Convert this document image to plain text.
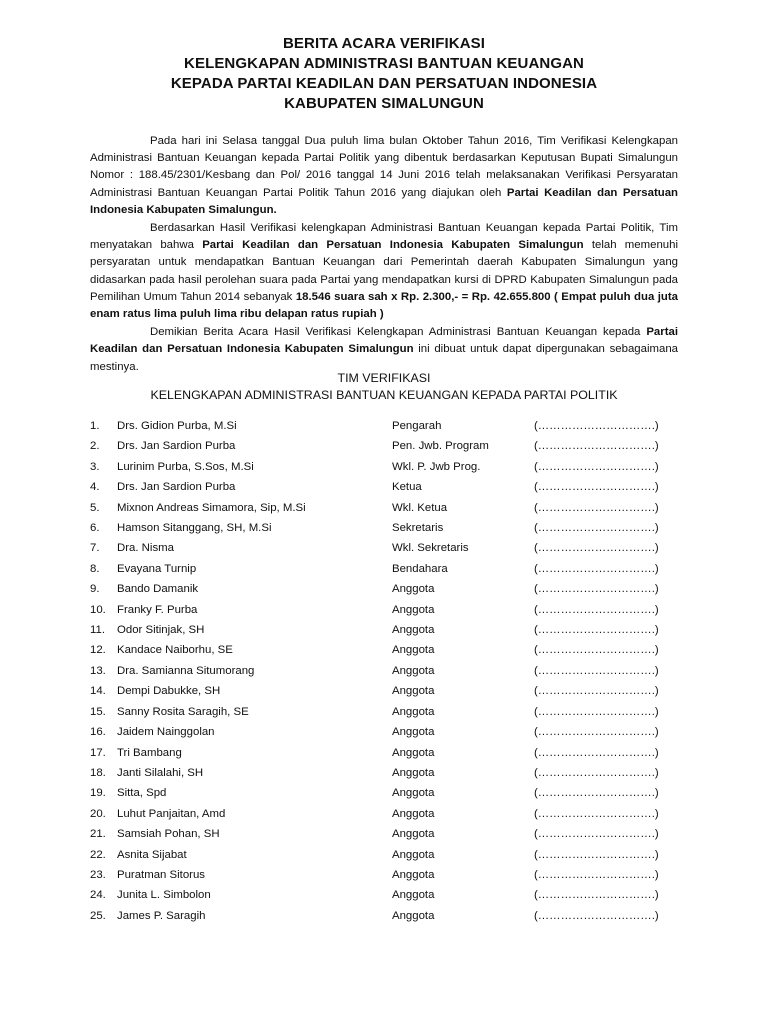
BERITA ACARA VERIFIKASI
KELENGKAPAN ADMINISTRASI BANTUAN KEUANGAN
KEPADA PARTAI KEADILAN DAN PERSATUAN INDONESIA
KABUPATEN SIMALUNGUN

Pada hari ini Selasa tanggal Dua puluh lima bulan Oktober Tahun 2016, Tim Verifikasi Kelengkapan Administrasi Bantuan Keuangan kepada Partai Politik yang dibentuk berdasarkan Keputusan Bupati Simalungun Nomor : 188.45/2301/Kesbang dan Pol/ 2016 tanggal 14 Juni 2016 telah melaksanakan Verifikasi Persyaratan Administrasi Bantuan Keuangan Partai Politik Tahun 2016 yang diajukan oleh Partai Keadilan dan Persatuan Indonesia Kabupaten Simalungun.

Berdasarkan Hasil Verifikasi kelengkapan Administrasi Bantuan Keuangan kepada Partai Politik, Tim menyatakan bahwa Partai Keadilan dan Persatuan Indonesia Kabupaten Simalungun telah memenuhi persyaratan untuk mendapatkan Bantuan Keuangan dari Pemerintah daerah Kabupaten Simalungun yang didasarkan pada hasil perolehan suara pada Partai yang mendapatkan kursi di DPRD Kabupaten Simalungun pada Pemilihan Umum Tahun 2014 sebanyak 18.546 suara sah x Rp. 2.300,- = Rp. 42.655.800 ( Empat puluh dua juta enam ratus lima puluh lima ribu delapan ratus rupiah )

Demikian Berita Acara Hasil Verifikasi Kelengkapan Administrasi Bantuan Keuangan kepada Partai Keadilan dan Persatuan Indonesia Kabupaten Simalungun ini dibuat untuk dapat dipergunakan sebagaimana mestinya.

TIM VERIFIKASI
KELENGKAPAN ADMINISTRASI BANTUAN KEUANGAN KEPADA PARTAI POLITIK
1. Drs. Gidion Purba, M.Si	Pengarah	(………………………….)
2. Drs. Jan Sardion Purba	Pen. Jwb. Program	(………………………….)
3. Lurinim Purba, S.Sos, M.Si	Wkl. P. Jwb Prog.	(………………………….)
4. Drs. Jan Sardion Purba	Ketua	(………………………….)
5. Mixnon Andreas Simamora, Sip, M.Si	Wkl. Ketua	(………………………….)
6. Hamson Sitanggang, SH, M.Si	Sekretaris	(………………………….)
7. Dra. Nisma	Wkl. Sekretaris	(………………………….)
8. Evayana Turnip	Bendahara	(………………………….)
9. Bando Damanik	Anggota	(………………………….)
10. Franky F. Purba	Anggota	(………………………….)
11. Odor Sitinjak, SH	Anggota	(………………………….)
12. Kandace Naiborhu, SE	Anggota	(………………………….)
13. Dra. Samianna Situmorang	Anggota	(………………………….)
14. Dempi Dabukke, SH	Anggota	(………………………….)
15. Sanny Rosita Saragih, SE	Anggota	(………………………….)
16. Jaidem Nainggolan	Anggota	(………………………….)
17. Tri Bambang	Anggota	(………………………….)
18. Janti Silalahi, SH	Anggota	(………………………….)
19. Sitta, Spd	Anggota	(………………………….)
20. Luhut Panjaitan, Amd	Anggota	(………………………….)
21. Samsiah Pohan, SH	Anggota	(………………………….)
22. Asnita Sijabat	Anggota	(………………………….)
23. Puratman Sitorus	Anggota	(………………………….)
24. Junita L. Simbolon	Anggota	(………………………….)
25. James P. Saragih	Anggota	(………………………….)
